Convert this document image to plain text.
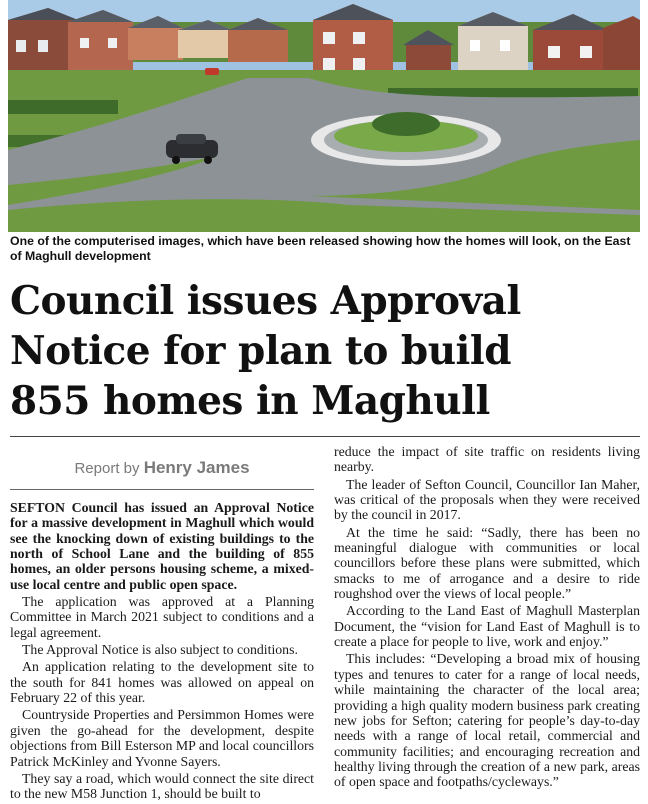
One of the computerised images, which have been released showing how the homes will look, on the East of Maghull development
Council issues Approval
Notice for plan to build
855 homes in Maghull
Report by Henry James

SEFTON Council has issued an Approval Notice for a massive development in Maghull which would see the knocking down of existing buildings to the north of School Lane and the building of 855 homes, an older persons housing scheme, a mixed-use local centre and public open space.

The application was approved at a Planning Committee in March 2021 subject to conditions and a legal agreement.

The Approval Notice is also subject to conditions.

An application relating to the development site to the south for 841 homes was allowed on appeal on February 22 of this year.

Countryside Properties and Persimmon Homes were given the go-ahead for the development, despite objections from Bill Esterson MP and local councillors Patrick McKinley and Yvonne Sayers.

They say a road, which would connect the site direct to the new M58 Junction 1, should be built to

reduce the impact of site traffic on residents living nearby.

The leader of Sefton Council, Councillor Ian Maher, was critical of the proposals when they were received by the council in 2017.

At the time he said: “Sadly, there has been no meaningful dialogue with communities or local councillors before these plans were submitted, which smacks to me of arrogance and a desire to ride roughshod over the views of local people.”

According to the Land East of Maghull Masterplan Document, the “vision for Land East of Maghull is to create a place for people to live, work and enjoy.”

This includes: “Developing a broad mix of housing types and tenures to cater for a range of local needs, while maintaining the character of the local area; providing a high quality modern business park creating new jobs for Sefton; catering for people’s day-to-day needs with a range of local retail, commercial and community facilities; and encouraging recreation and healthy living through the creation of a new park, areas of open space and footpaths/cycleways.”
